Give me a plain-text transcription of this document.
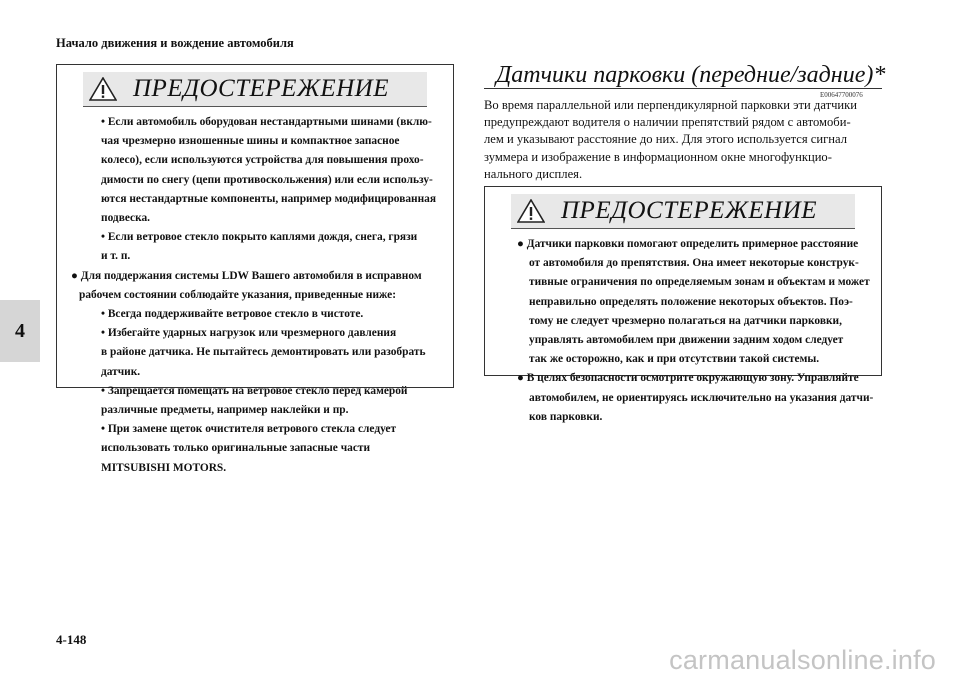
Начало движения и вождение автомобиля
4
ПРЕДОСТЕРЕЖЕНИЕ
• Если автомобиль оборудован нестандартными шинами (вклю-
чая чрезмерно изношенные шины и компактное запасное
колесо), если используются устройства для повышения прохо-
димости по снегу (цепи противоскольжения) или если использу-
ются нестандартные компоненты, например модифицированная
подвеска.
• Если ветровое стекло покрыто каплями дождя, снега, грязи
и т. п.
● Для поддержания системы LDW Вашего автомобиля в исправном
рабочем состоянии соблюдайте указания, приведенные ниже:
• Всегда поддерживайте ветровое стекло в чистоте.
• Избегайте ударных нагрузок или чрезмерного давления
в районе датчика. Не пытайтесь демонтировать или разобрать
датчик.
• Запрещается помещать на ветровое стекло перед камерой
различные предметы, например наклейки и пр.
• При замене щеток очистителя ветрового стекла следует
использовать только оригинальные запасные части
MITSUBISHI MOTORS.
Датчики парковки (передние/задние)*
E00647700076
Во время параллельной или перпендикулярной парковки эти датчики
предупреждают водителя о наличии препятствий рядом с автомоби-
лем и указывают расстояние до них. Для этого используется сигнал
зуммера и изображение в информационном окне многофункцио-
нального дисплея.
ПРЕДОСТЕРЕЖЕНИЕ
● Датчики парковки помогают определить примерное расстояние
от автомобиля до препятствия. Она имеет некоторые конструк-
тивные ограничения по определяемым зонам и объектам и может
неправильно определять положение некоторых объектов. Поэ-
тому не следует чрезмерно полагаться на датчики парковки,
управлять автомобилем при движении задним ходом следует
так же осторожно, как и при отсутствии такой системы.
● В целях безопасности осмотрите окружающую зону. Управляйте
автомобилем, не ориентируясь исключительно на указания датчи-
ков парковки.
4-148
carmanualsonline.info
